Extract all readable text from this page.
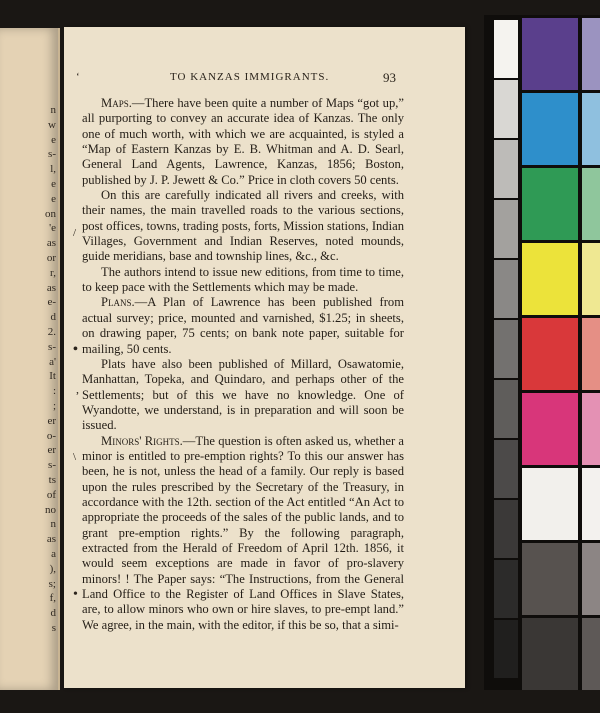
n
w
e
s-
l,
e
e
on
'e
as
or
r,
as
e-
d
2.
s-
a'
It
:
;
er
o-
er
s-
ts
of
no
n
as
a
),
s;
f,
d
s
‘	TO KANZAS IMMIGRANTS.	93

Maps.—There have been quite a number of Maps “got up,” all purporting to convey an accurate idea of Kanzas. The only one of much worth, with which we are acquainted, is styled a “Map of Eastern Kanzas by E. B. Whitman and A. D. Searl, General Land Agents, Lawrence, Kanzas, 1856; Boston, published by J. P. Jewett & Co.” Price in cloth covers 50 cents.

On this are carefully indicated all rivers and creeks, with their names, the main travelled roads to the various sections, post offices, towns, trading posts, forts, Mission stations, Indian Villages, Government and Indian Reserves, noted mounds, guide meridians, base and township lines, &c., &c.

The authors intend to issue new editions, from time to time, to keep pace with the Settlements which may be made.

Plans.—A Plan of Lawrence has been published from actual survey; price, mounted and varnished, $1.25; in sheets, on drawing paper, 75 cents; on bank note paper, suitable for mailing, 50 cents.

Plats have also been published of Millard, Osawatomie, Manhattan, Topeka, and Quindaro, and perhaps other of the Settlements; but of this we have no knowledge. One of Wyandotte, we understand, is in preparation and will soon be issued.

Minors' Rights.—The question is often asked us, whether a minor is entitled to pre-emption rights? To this our answer has been, he is not, unless the head of a family. Our reply is based upon the rules prescribed by the Secretary of the Treasury, in accordance with the 12th. section of the Act entitled “An Act to appropriate the proceeds of the sales of the public lands, and to grant pre-emption rights.” By the following paragraph, extracted from the Herald of Freedom of April 12th. 1856, it would seem exceptions are made in favor of pro-slavery minors! ! The Paper says: “The Instructions, from the General Land Office to the Register of Land Offices in Slave States, are, to allow minors who own or hire slaves, to pre-empt land.” We agree, in the main, with the editor, if this be so, that a simi-

/
•
,
\
•
